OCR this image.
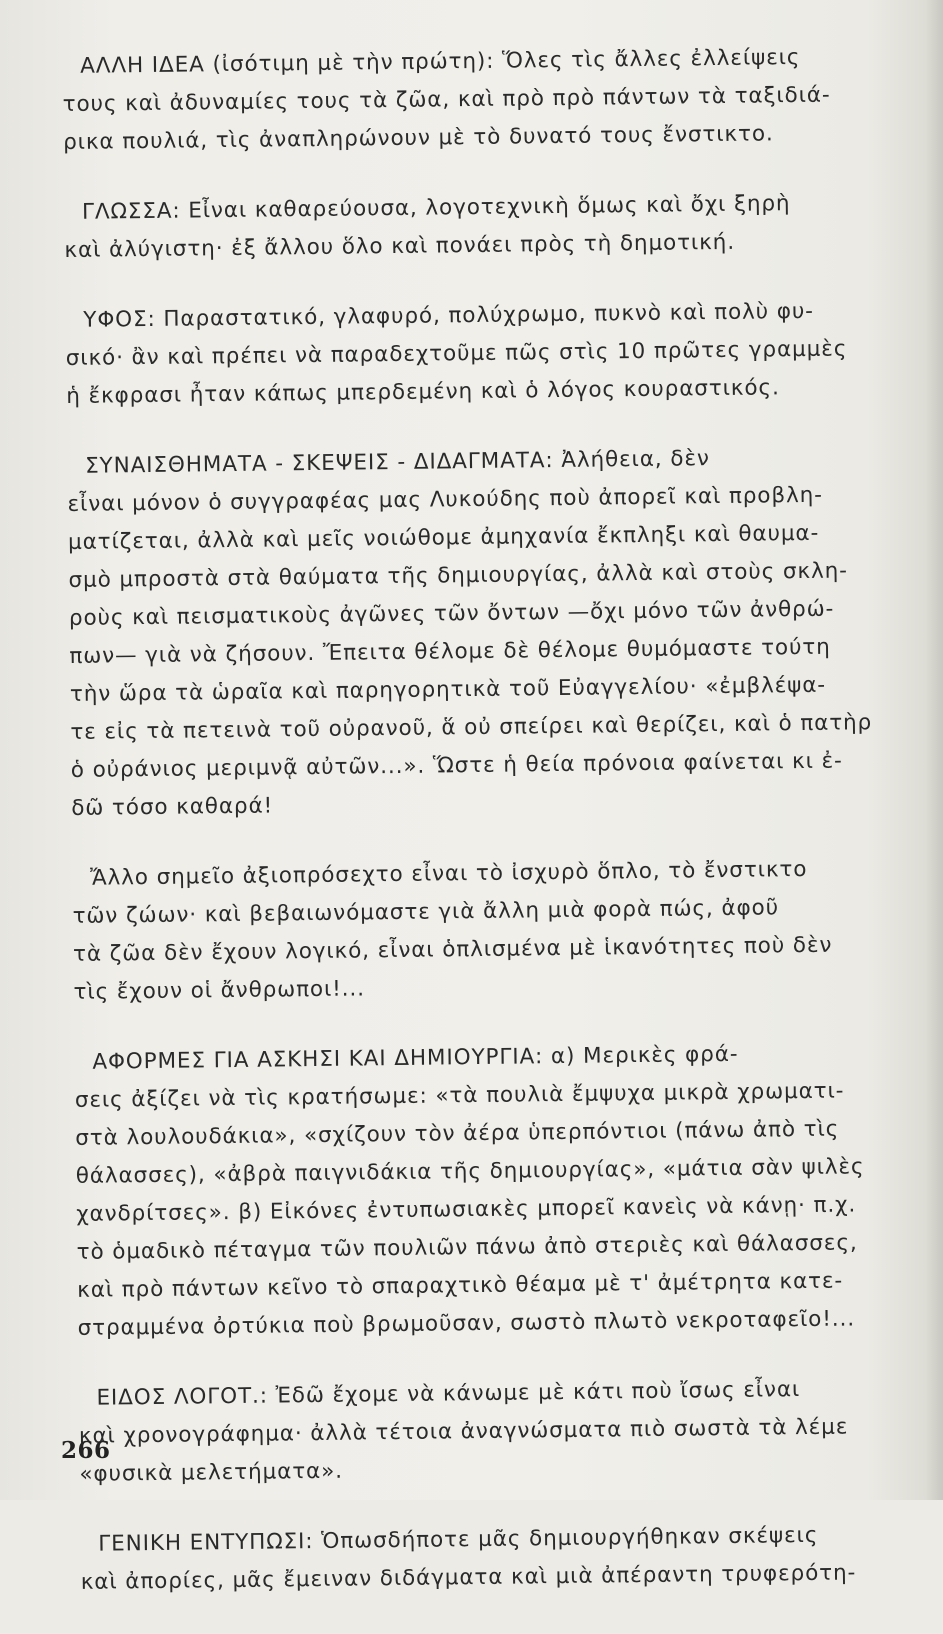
ΑΛΛΗ ΙΔΕΑ (ἰσότιμη μὲ τὴν πρώτη): Ὅλες τὶς ἄλλες ἐλλείψεις
τους καὶ ἀδυναμίες τους τὰ ζῶα, καὶ πρὸ πρὸ πάντων τὰ ταξιδιά-
ρικα πουλιά, τὶς ἀναπληρώνουν μὲ τὸ δυνατό τους ἔνστικτο.

ΓΛΩΣΣΑ: Εἶναι καθαρεύουσα, λογοτεχνικὴ ὅμως καὶ ὄχι ξηρὴ
καὶ ἀλύγιστη· ἐξ ἄλλου ὅλο καὶ πονάει πρὸς τὴ δημοτική.

ΥΦΟΣ: Παραστατικό, γλαφυρό, πολύχρωμο, πυκνὸ καὶ πολὺ φυ-
σικό· ἂν καὶ πρέπει νὰ παραδεχτοῦμε πῶς στὶς 10 πρῶτες γραμμὲς
ἡ ἔκφρασι ἦταν κάπως μπερδεμένη καὶ ὁ λόγος κουραστικός.

ΣΥΝΑΙΣΘΗΜΑΤΑ - ΣΚΕΨΕΙΣ - ΔΙΔΑΓΜΑΤΑ: Ἀλήθεια, δὲν
εἶναι μόνον ὁ συγγραφέας μας Λυκούδης ποὺ ἀπορεῖ καὶ προβλη-
ματίζεται, ἀλλὰ καὶ μεῖς νοιώθομε ἀμηχανία ἔκπληξι καὶ θαυμα-
σμὸ μπροστὰ στὰ θαύματα τῆς δημιουργίας, ἀλλὰ καὶ στοὺς σκλη-
ροὺς καὶ πεισματικοὺς ἀγῶνες τῶν ὄντων —ὄχι μόνο τῶν ἀνθρώ-
πων— γιὰ νὰ ζήσουν. Ἔπειτα θέλομε δὲ θέλομε θυμόμαστε τούτη
τὴν ὥρα τὰ ὡραῖα καὶ παρηγορητικὰ τοῦ Εὐαγγελίου· «ἐμβλέψα-
τε εἰς τὰ πετεινὰ τοῦ οὐρανοῦ, ἅ οὐ σπείρει καὶ θερίζει, καὶ ὁ πατὴρ
ὁ οὐράνιος μεριμνᾷ αὐτῶν...». Ὥστε ἡ θεία πρόνοια φαίνεται κι ἐ-
δῶ τόσο καθαρά!

Ἄλλο σημεῖο ἀξιοπρόσεχτο εἶναι τὸ ἰσχυρὸ ὅπλο, τὸ ἔνστικτο
τῶν ζώων· καὶ βεβαιωνόμαστε γιὰ ἄλλη μιὰ φορὰ πώς, ἀφοῦ
τὰ ζῶα δὲν ἔχουν λογικό, εἶναι ὁπλισμένα μὲ ἱκανότητες ποὺ δὲν
τὶς ἔχουν οἱ ἄνθρωποι!...

ΑΦΟΡΜΕΣ ΓΙΑ ΑΣΚΗΣΙ ΚΑΙ ΔΗΜΙΟΥΡΓΙΑ: α) Μερικὲς φρά-
σεις ἀξίζει νὰ τὶς κρατήσωμε: «τὰ πουλιὰ ἔμψυχα μικρὰ χρωματι-
στὰ λουλουδάκια», «σχίζουν τὸν ἀέρα ὑπερπόντιοι (πάνω ἀπὸ τὶς
θάλασσες), «ἀβρὰ παιγνιδάκια τῆς δημιουργίας», «μάτια σὰν ψιλὲς
χανδρίτσες». β) Εἰκόνες ἐντυπωσιακὲς μπορεῖ κανεὶς νὰ κάνῃ· π.χ.
τὸ ὁμαδικὸ πέταγμα τῶν πουλιῶν πάνω ἀπὸ στεριὲς καὶ θάλασσες,
καὶ πρὸ πάντων κεῖνο τὸ σπαραχτικὸ θέαμα μὲ τ' ἀμέτρητα κατε-
στραμμένα ὀρτύκια ποὺ βρωμοῦσαν, σωστὸ πλωτὸ νεκροταφεῖο!...

ΕΙΔΟΣ ΛΟΓΟΤ.: Ἐδῶ ἔχομε νὰ κάνωμε μὲ κάτι ποὺ ἴσως εἶναι
καὶ χρονογράφημα· ἀλλὰ τέτοια ἀναγνώσματα πιὸ σωστὰ τὰ λέμε
«φυσικὰ μελετήματα».

ΓΕΝΙΚΗ ΕΝΤΥΠΩΣΙ: Ὁπωσδήποτε μᾶς δημιουργήθηκαν σκέψεις
καὶ ἀπορίες, μᾶς ἔμειναν διδάγματα καὶ μιὰ ἀπέραντη τρυφερότη-

266
